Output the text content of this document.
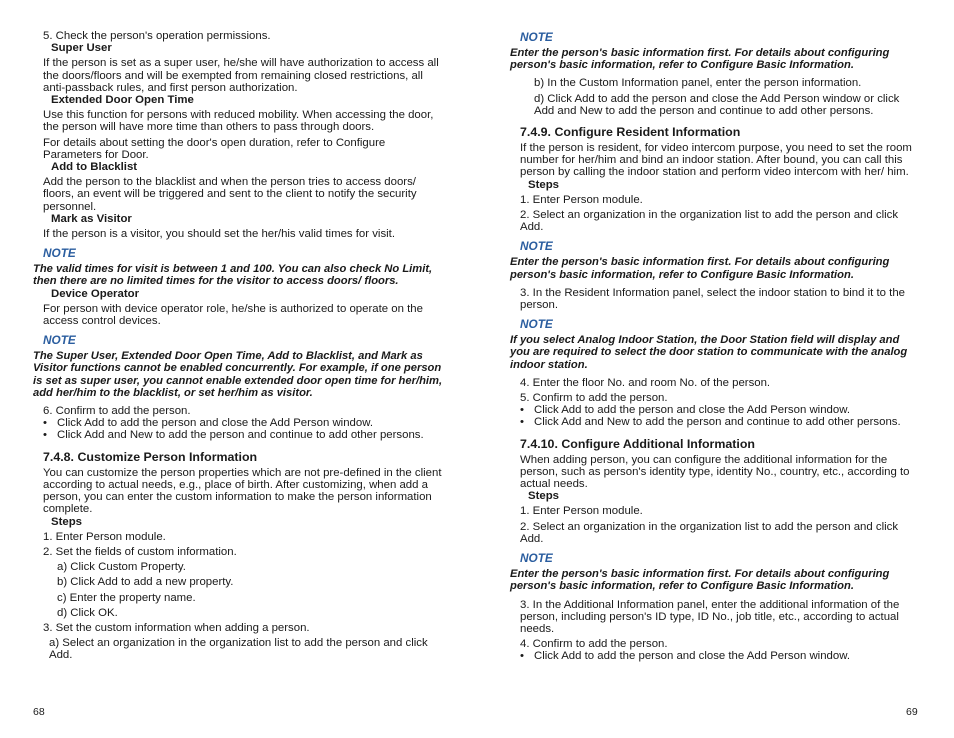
5. Check the person's operation permissions.

Super User

If the person is set as a super user, he/she will have authorization to access all the doors/floors and will be exempted from remaining closed restrictions, all anti-passback rules, and first person authorization.

Extended Door Open Time

Use this function for persons with reduced mobility. When accessing the door, the person will have more time than others to pass through doors.

For details about setting the door's open duration, refer to Configure Parameters for Door.

Add to Blacklist

Add the person to the blacklist and when the person tries to access doors/ floors, an event will be triggered and sent to the client to notify the security personnel.

Mark as Visitor

If the person is a visitor, you should set the her/his valid times for visit.

NOTE

The valid times for visit is between 1 and 100. You can also check No Limit, then there are no limited times for the visitor to access doors/ floors.

Device Operator

For person with device operator role, he/she is authorized to operate on the access control devices.

NOTE

The Super User, Extended Door Open Time, Add to Blacklist, and Mark as Visitor functions cannot be enabled concurrently. For example, if one person is set as super user, you cannot enable extended door open time for her/him, add her/him to the blacklist, or set her/him as visitor.

6. Confirm to add the person.

• Click Add to add the person and close the Add Person window.
• Click Add and New to add the person and continue to add other persons.
7.4.8. Customize Person Information

You can customize the person properties which are not pre-defined in the client according to actual needs, e.g., place of birth. After customizing, when add a person, you can enter the custom information to make the person information complete.

Steps

1. Enter Person module.

2. Set the fields of custom information.

a) Click Custom Property.

b) Click Add to add a new property.

c) Enter the property name.

d) Click OK.

3. Set the custom information when adding a person.

a) Select an organization in the organization list to add the person and click Add.

68
NOTE

Enter the person's basic information first. For details about configuring person's basic information, refer to Configure Basic Information.

b) In the Custom Information panel, enter the person information.

d) Click Add to add the person and close the Add Person window or click Add and New to add the person and continue to add other persons.

7.4.9. Configure Resident Information

If the person is resident, for video intercom purpose, you need to set the room number for her/him and bind an indoor station. After bound, you can call this person by calling the indoor station and perform video intercom with her/ him.

Steps

1. Enter Person module.

2. Select an organization in the organization list to add the person and click Add.

NOTE

Enter the person's basic information first. For details about configuring person's basic information, refer to Configure Basic Information.

3. In the Resident Information panel, select the indoor station to bind it to the person.

NOTE

If you select Analog Indoor Station, the Door Station field will display and you are required to select the door station to communicate with the analog indoor station.

4. Enter the floor No. and room No. of the person.

5. Confirm to add the person.

• Click Add to add the person and close the Add Person window.
• Click Add and New to add the person and continue to add other persons.
7.4.10. Configure Additional Information

When adding person, you can configure the additional information for the person, such as person's identity type, identity No., country, etc., according to actual needs.

Steps

1. Enter Person module.

2. Select an organization in the organization list to add the person and click Add.

NOTE

Enter the person's basic information first. For details about configuring person's basic information, refer to Configure Basic Information.

3. In the Additional Information panel, enter the additional information of the person, including person's ID type, ID No., job title, etc., according to actual needs.

4. Confirm to add the person.

• Click Add to add the person and close the Add Person window.
69
